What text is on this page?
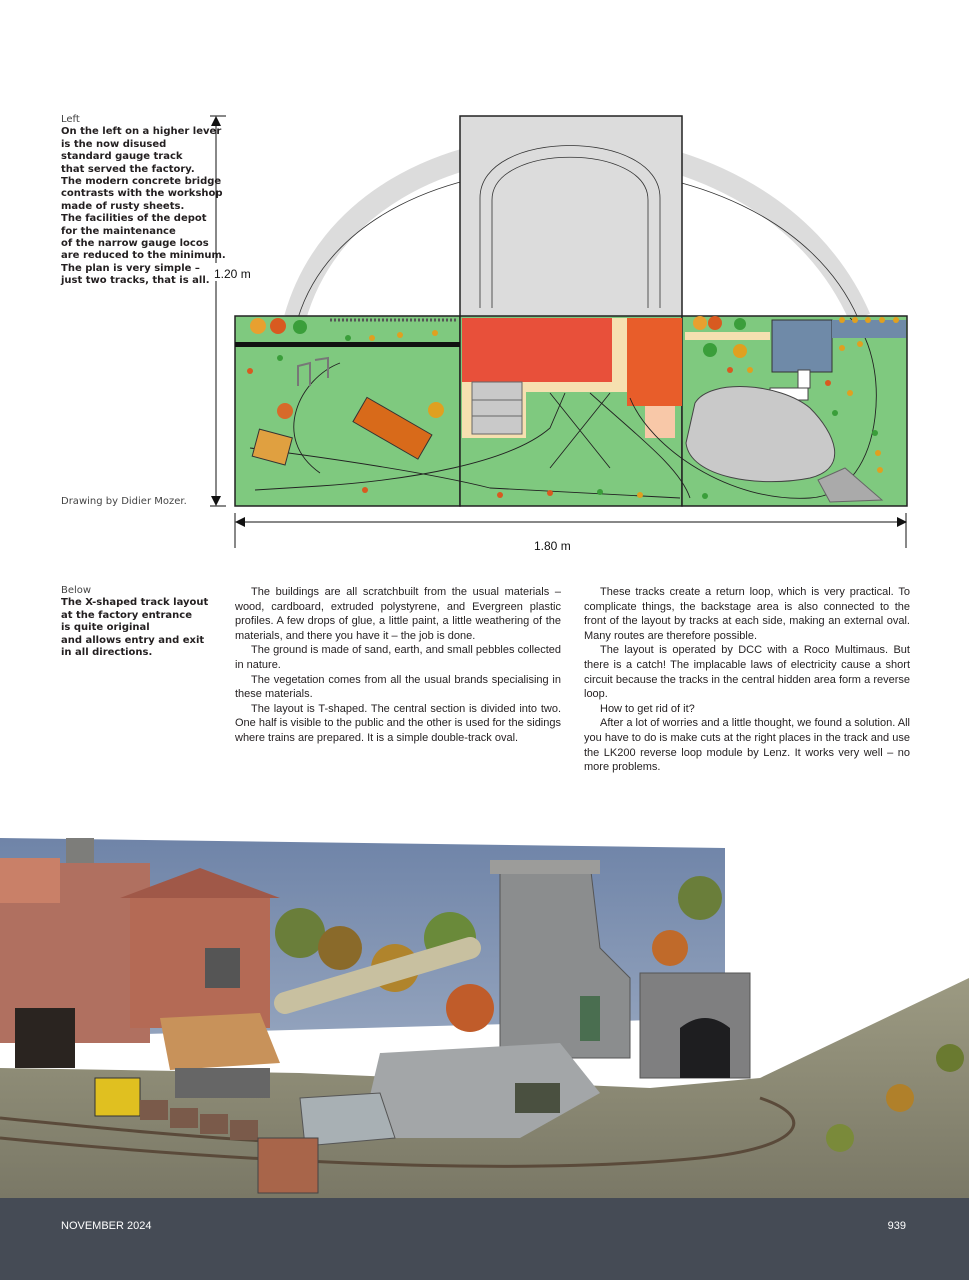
Left
On the left on a higher lever
is the now disused
standard gauge track
that served the factory.
The modern concrete bridge
contrasts with the workshop
made of rusty sheets.
The facilities of the depot
for the maintenance
of the narrow gauge locos
are reduced to the minimum.
The plan is very simple –
just two tracks, that is all.
Drawing by Didier Mozer.
1.20 m
1.80 m
Below
The X-shaped track layout
at the factory entrance
is quite original
and allows entry and exit
in all directions.

The buildings are all scratchbuilt from the usual materials – wood, cardboard, extruded polystyrene, and Evergreen plastic profiles. A few drops of glue, a little paint, a little weathering of the materials, and there you have it – the job is done.

The ground is made of sand, earth, and small pebbles collected in nature.

The vegetation comes from all the usual brands specialising in these materials.

The layout is T-shaped. The central section is divided into two. One half is visible to the public and the other is used for the sidings where trains are prepared. It is a simple double-track oval.

These tracks create a return loop, which is very practical. To complicate things, the backstage area is also connected to the front of the layout by tracks at each side, making an external oval. Many routes are therefore possible.

The layout is operated by DCC with a Roco Multimaus. But there is a catch! The implacable laws of electricity cause a short circuit because the tracks in the central hidden area form a reverse loop.

How to get rid of it?

After a lot of worries and a little thought, we found a solution. All you have to do is make cuts at the right places in the track and use the LK200 reverse loop module by Lenz. It works very well – no more problems.

NOVEMBER 2024	939
